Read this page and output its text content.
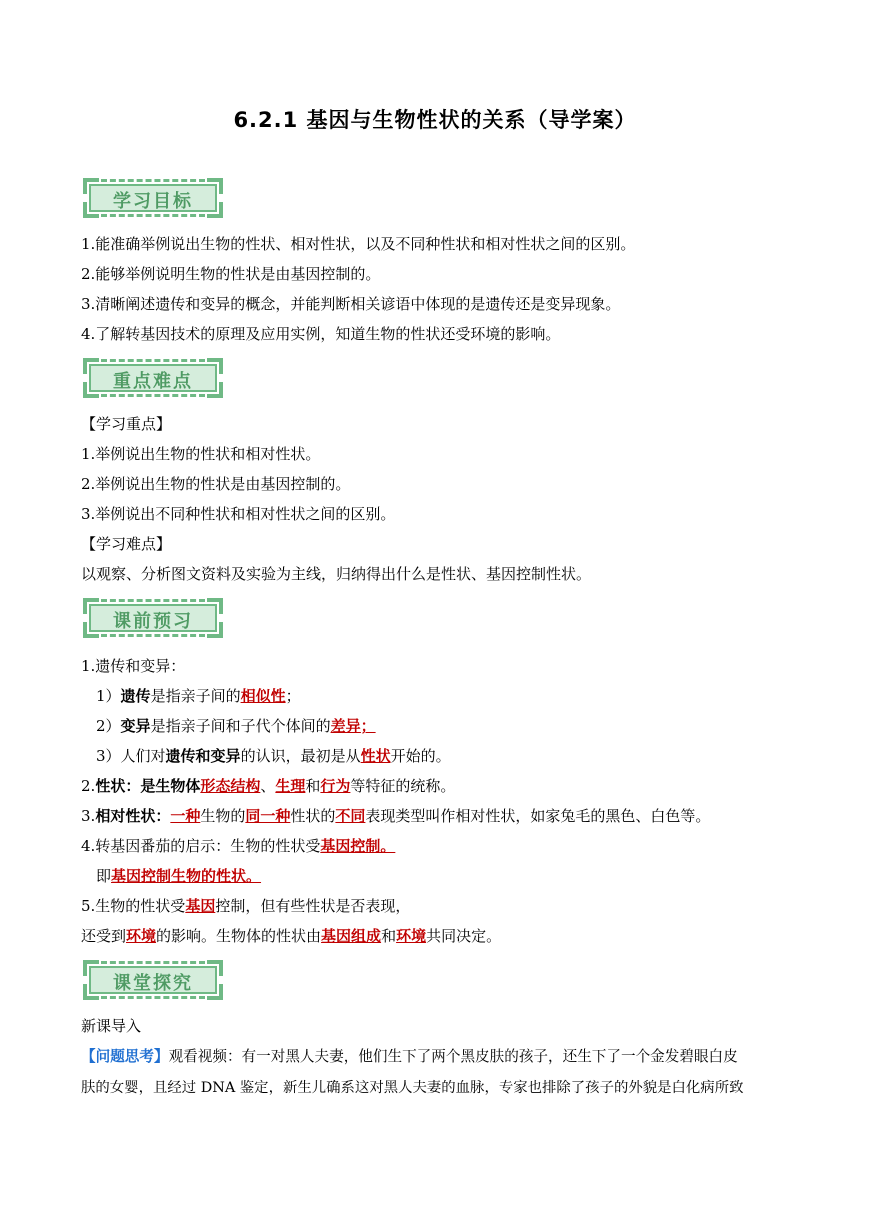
6.2.1 基因与生物性状的关系（导学案）
学习目标
1.能准确举例说出生物的性状、相对性状，以及不同种性状和相对性状之间的区别。
2.能够举例说明生物的性状是由基因控制的。
3.清晰阐述遗传和变异的概念，并能判断相关谚语中体现的是遗传还是变异现象。
4.了解转基因技术的原理及应用实例，知道生物的性状还受环境的影响。
重点难点
【学习重点】
1.举例说出生物的性状和相对性状。
2.举例说出生物的性状是由基因控制的。
3.举例说出不同种性状和相对性状之间的区别。
【学习难点】
以观察、分析图文资料及实验为主线，归纳得出什么是性状、基因控制性状。
课前预习
1.遗传和变异：
1）遗传是指亲子间的相似性；
2）变异是指亲子间和子代个体间的差异；
3）人们对遗传和变异的认识，最初是从性状开始的。
2.性状：是生物体形态结构、生理和行为等特征的统称。
3.相对性状：一种生物的同一种性状的不同表现类型叫作相对性状，如家兔毛的黑色、白色等。
4.转基因番茄的启示：生物的性状受基因控制。
即基因控制生物的性状。
5.生物的性状受基因控制，但有些性状是否表现，
还受到环境的影响。生物体的性状由基因组成和环境共同决定。
课堂探究
新课导入
【问题思考】观看视频：有一对黑人夫妻，他们生下了两个黑皮肤的孩子，还生下了一个金发碧眼白皮
肤的女婴，且经过 DNA 鉴定，新生儿确系这对黑人夫妻的血脉，专家也排除了孩子的外貌是白化病所致
